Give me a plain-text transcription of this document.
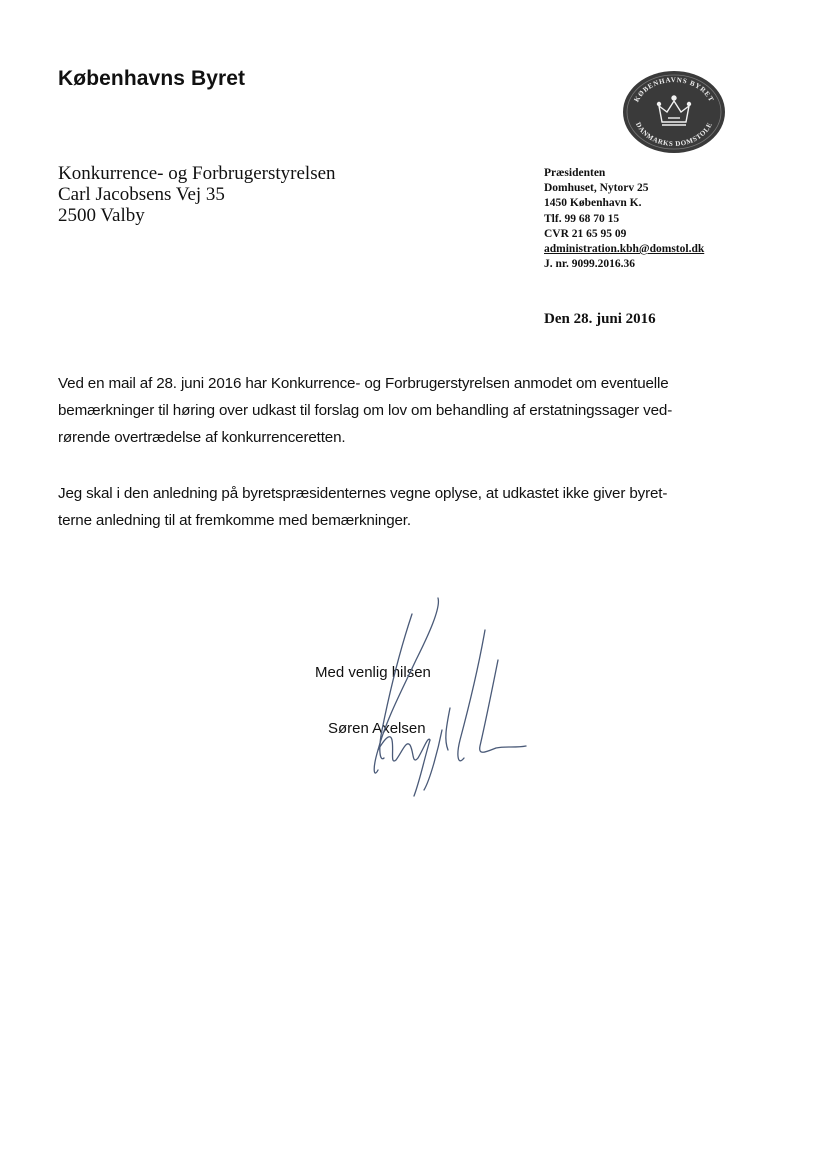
Københavns Byret
KØBENHAVNS BYRET
DANMARKS DOMSTOLE
Konkurrence- og Forbrugerstyrelsen
Carl Jacobsens Vej 35
2500 Valby
Præsidenten
Domhuset, Nytorv 25
1450 København K.
Tlf. 99 68 70 15
CVR 21 65 95 09
administration.kbh@domstol.dk
J. nr. 9099.2016.36
Den 28. juni 2016
Ved en mail af 28. juni 2016 har Konkurrence- og Forbrugerstyrelsen anmodet om eventuelle
bemærkninger til høring over udkast til forslag om lov om behandling af erstatningssager ved-
rørende overtrædelse af konkurrenceretten.
Jeg skal i den anledning på byretspræsidenternes vegne oplyse, at udkastet ikke giver byret-
terne anledning til at fremkomme med bemærkninger.
Med venlig hilsen
Søren Axelsen
